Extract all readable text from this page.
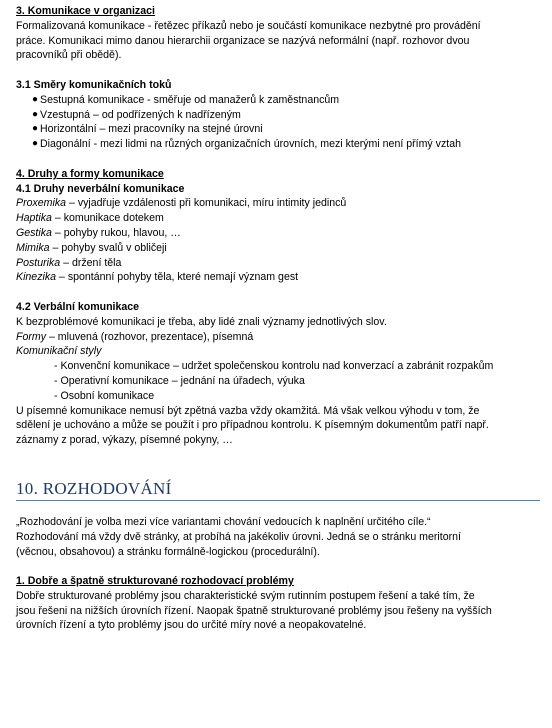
3. Komunikace v organizaci
Formalizovaná komunikace - řetězec příkazů nebo je součástí komunikace nezbytné pro provádění
práce. Komunikaci mimo danou hierarchii organizace se nazývá neformální (např. rozhovor dvou
pracovníků při obědě).
3.1 Směry komunikačních toků
● Sestupná komunikace - směřuje od manažerů k zaměstnancům
● Vzestupná – od podřízených k nadřízeným
● Horizontální – mezi pracovníky na stejné úrovni
● Diagonální - mezi lidmi na různých organizačních úrovních, mezi kterými není přímý vztah
4. Druhy a formy komunikace
4.1 Druhy neverbální komunikace
Proxemika – vyjadřuje vzdálenosti při komunikaci, míru intimity jedinců
Haptika – komunikace dotekem
Gestika – pohyby rukou, hlavou, …
Mimika – pohyby svalů v obličeji
Posturika – držení těla
Kinezika – spontánní pohyby těla, které nemají význam gest
4.2 Verbální komunikace
K bezproblémové komunikaci je třeba, aby lidé znali významy jednotlivých slov.
Formy – mluvená (rozhovor, prezentace), písemná
Komunikační styly
- Konvenční komunikace – udržet společenskou kontrolu nad konverzací a zabránit rozpakům
- Operativní komunikace – jednání na úřadech, výuka
- Osobní komunikace
U písemné komunikace nemusí být zpětná vazba vždy okamžitá. Má však velkou výhodu v tom, že
sdělení je uchováno a může se použít i pro případnou kontrolu. K písemným dokumentům patří např.
záznamy z porad, výkazy, písemné pokyny, …
10. ROZHODOVÁNÍ
„Rozhodování je volba mezi více variantami chování vedoucích k naplnění určitého cíle.“
Rozhodování má vždy dvě stránky, at probíhá na jakékoliv úrovni. Jedná se o stránku meritorní
(věcnou, obsahovou) a stránku formálně-logickou (procedurální).
1. Dobře a špatně strukturované rozhodovací problémy
Dobře strukturované problémy jsou charakteristické svým rutinním postupem řešení a také tím, že
jsou řešeni na nižších úrovních řízení. Naopak špatně strukturované problémy jsou řešeny na vyšších
úrovních řízení a tyto problémy jsou do určité míry nové a neopakovatelné.
